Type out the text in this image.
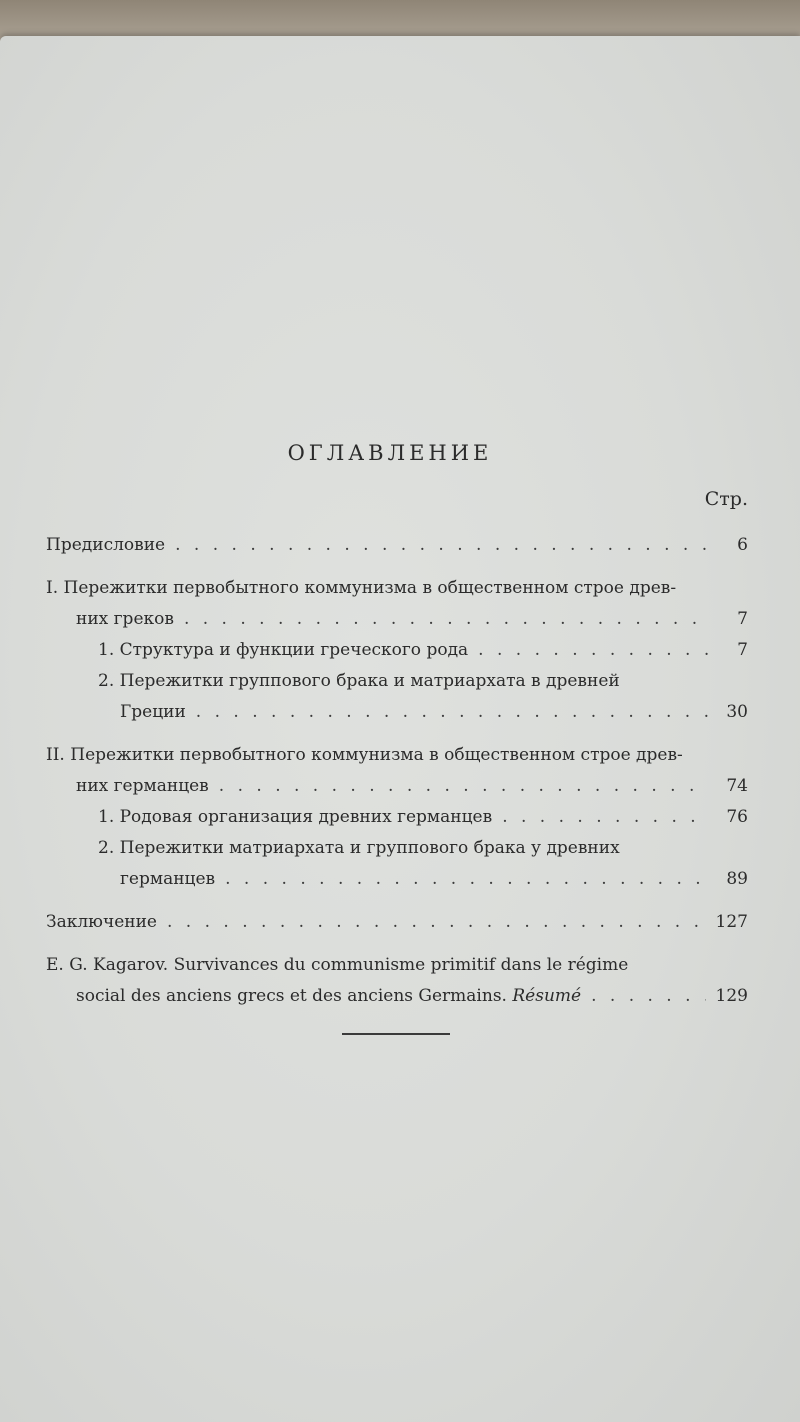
ОГЛАВЛЕНИЕ
Стр.
Предисловие . . .	6
I. Пережитки первобытного коммунизма в общественном строе древ-
них греков . . .	7
1. Структура и функции греческого рода . . .	7
2. Пережитки группового брака и матриархата в древней
Греции . . .	30
II. Пережитки первобытного коммунизма в общественном строе древ-
них германцев . . .	74
1. Родовая организация древних германцев . . .	76
2. Пережитки матриархата и группового брака у древних
германцев . . .	89
Заключение . . .	127
E. G. Kagarov. Survivances du communisme primitif dans le régime
social des anciens grecs et des anciens Germains.
Résumé . . .	129
